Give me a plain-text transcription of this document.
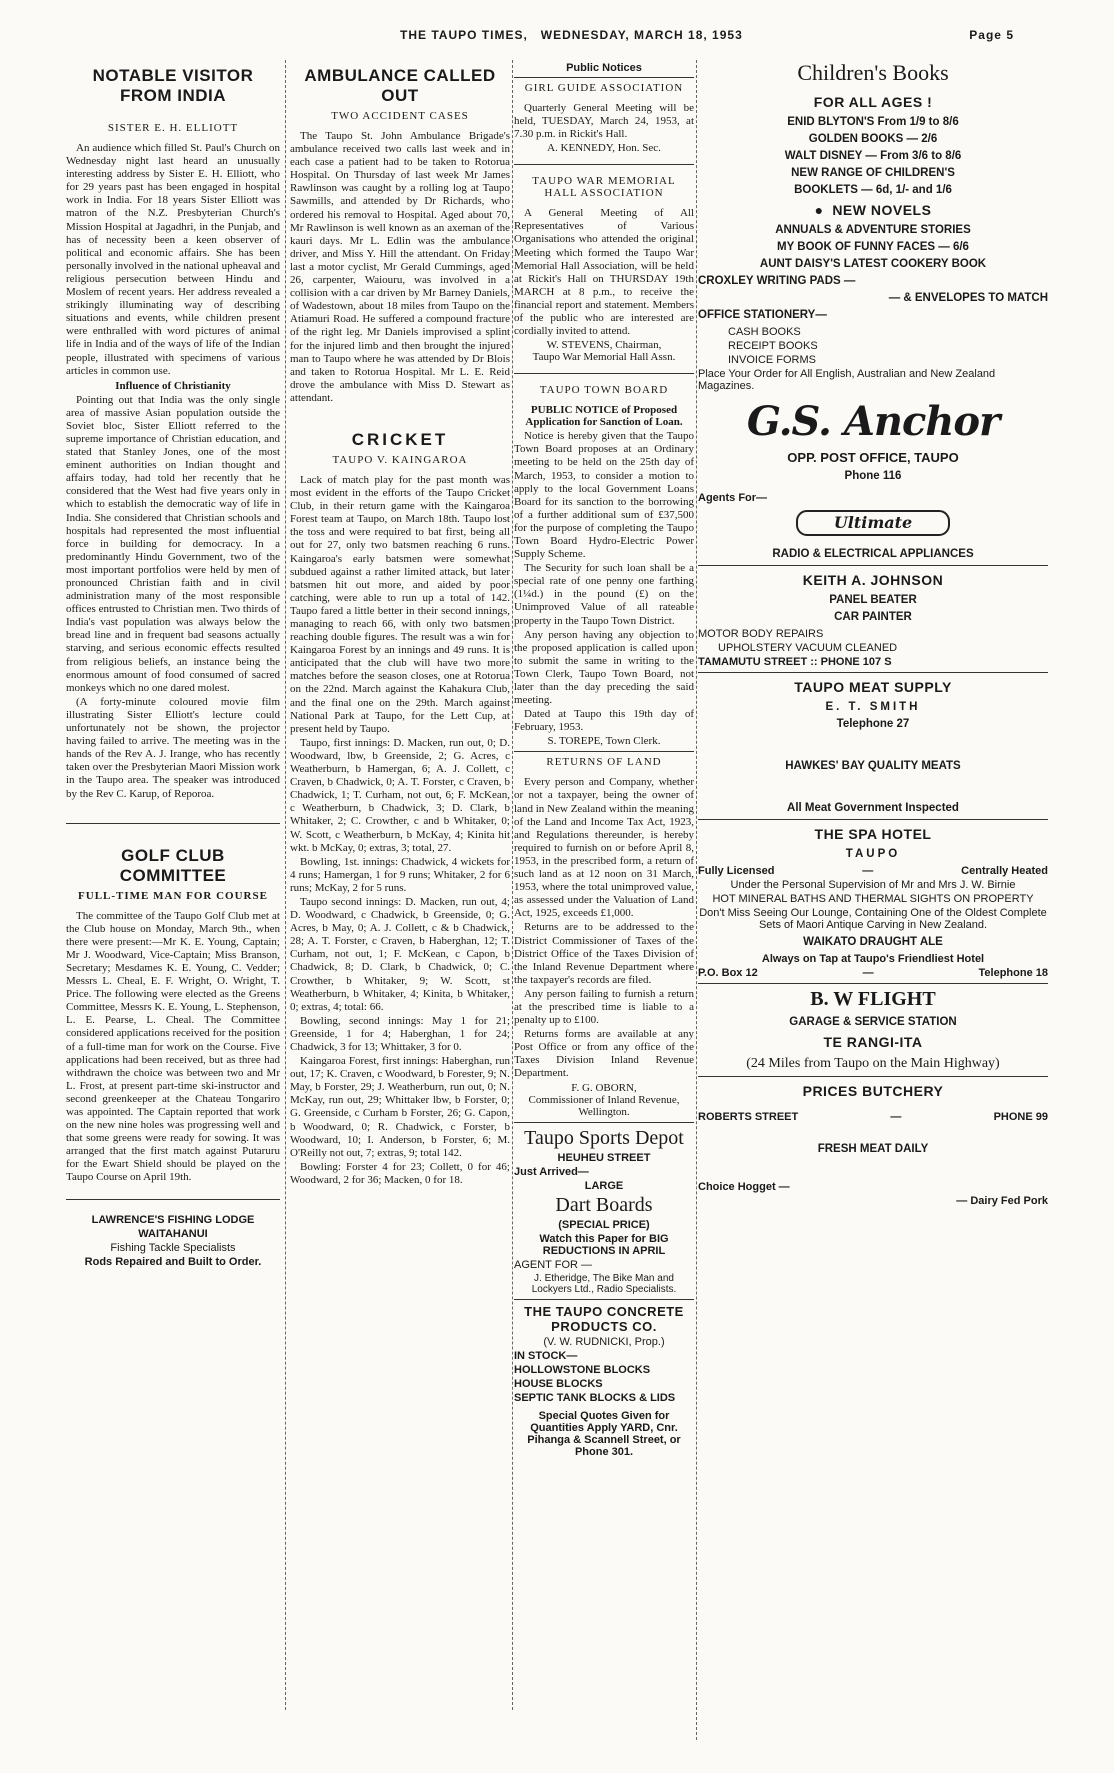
THE TAUPO TIMES, WEDNESDAY, MARCH 18, 1953	Page 5
NOTABLE VISITOR FROM INDIA
SISTER E. H. ELLIOTT

An audience which filled St. Paul's Church on Wednesday night last heard an unusually interesting address by Sister E. H. Elliott, who for 29 years past has been engaged in hospital work in India. For 18 years Sister Elliott was matron of the N.Z. Presbyterian Church's Mission Hospital at Jagadhri, in the Punjab, and has of necessity been a keen observer of political and economic affairs. She has been personally involved in the national upheaval and religious persecution between Hindu and Moslem of recent years. Her address revealed a strikingly illuminating way of describing situations and events, while children present were enthralled with word pictures of animal life in India and of the ways of life of the Indian people, illustrated with specimens of various articles in common use.

Influence of Christianity

Pointing out that India was the only single area of massive Asian population outside the Soviet bloc, Sister Elliott referred to the supreme importance of Christian education, and stated that Stanley Jones, one of the most eminent authorities on Indian thought and affairs today, had told her recently that he considered that the West had five years only in which to establish the democratic way of life in India. She considered that Christian schools and hospitals had represented the most influential force in building for democracy. In a predominantly Hindu Government, two of the most important portfolios were held by men of pronounced Christian faith and in civil administration many of the most responsible offices entrusted to Christian men. Two thirds of India's vast population was always below the bread line and in frequent bad seasons actually starving, and serious economic effects resulted from religious beliefs, an instance being the enormous amount of food consumed of sacred monkeys which no one dared molest.

(A forty-minute coloured movie film illustrating Sister Elliott's lecture could unfortunately not be shown, the projector having failed to arrive. The meeting was in the hands of the Rev A. J. Irange, who has recently taken over the Presbyterian Maori Mission work in the Taupo area. The speaker was introduced by the Rev C. Karup, of Reporoa.

GOLF CLUB COMMITTEE
FULL-TIME MAN FOR COURSE

The committee of the Taupo Golf Club met at the Club house on Monday, March 9th., when there were present:—Mr K. E. Young, Captain; Mr J. Woodward, Vice-Captain; Miss Branson, Secretary; Mesdames K. E. Young, C. Vedder; Messrs L. Cheal, E. F. Wright, O. Wright, T. Price. The following were elected as the Greens Committee, Messrs K. E. Young, L. Stephenson, L. E. Pearse, L. Cheal. The Committee considered applications received for the position of a full-time man for work on the Course. Five applications had been received, but as three had withdrawn the choice was between two and Mr L. Frost, at present part-time ski-instructor and second greenkeeper at the Chateau Tongariro was appointed. The Captain reported that work on the new nine holes was progressing well and that some greens were ready for sowing. It was arranged that the first match against Putaruru for the Ewart Shield should be played on the Taupo Course on April 19th.

LAWRENCE'S FISHING LODGE
WAITAHANUI
Fishing Tackle Specialists
Rods Repaired and Built to Order.
AMBULANCE CALLED OUT
TWO ACCIDENT CASES

The Taupo St. John Ambulance Brigade's ambulance received two calls last week and in each case a patient had to be taken to Rotorua Hospital. On Thursday of last week Mr James Rawlinson was caught by a rolling log at Taupo Sawmills, and attended by Dr Richards, who ordered his removal to Hospital. Aged about 70, Mr Rawlinson is well known as an axeman of the kauri days. Mr L. Edlin was the ambulance driver, and Miss Y. Hill the attendant. On Friday last a motor cyclist, Mr Gerald Cummings, aged 26, carpenter, Waiouru, was involved in a collision with a car driven by Mr Barney Daniels, of Wadestown, about 18 miles from Taupo on the Atiamuri Road. He suffered a compound fracture of the right leg. Mr Daniels improvised a splint for the injured limb and then brought the injured man to Taupo where he was attended by Dr Blois and taken to Rotorua Hospital. Mr L. E. Reid drove the ambulance with Miss D. Stewart as attendant.

CRICKET
TAUPO V. KAINGAROA

Lack of match play for the past month was most evident in the efforts of the Taupo Cricket Club, in their return game with the Kaingaroa Forest team at Taupo, on March 18th. Taupo lost the toss and were required to bat first, being all out for 27, only two batsmen reaching 6 runs. Kaingaroa's early batsmen were somewhat subdued against a rather limited attack, but later batsmen hit out more, and aided by poor catching, were able to run up a total of 142. Taupo fared a little better in their second innings, managing to reach 66, with only two batsmen reaching double figures. The result was a win for Kaingaroa Forest by an innings and 49 runs. It is anticipated that the club will have two more matches before the season closes, one at Rotorua on the 22nd. March against the Kahakura Club, and the final one on the 29th. March against National Park at Taupo, for the Lett Cup, at present held by Taupo.

Taupo, first innings: D. Macken, run out, 0; D. Woodward, lbw, b Greenside, 2; G. Acres, c Weatherburn, b Hamergan, 6; A. J. Collett, c Craven, b Chadwick, 0; A. T. Forster, c Craven, b Chadwick, 1; T. Curham, not out, 6; F. McKean, c Weatherburn, b Chadwick, 3; D. Clark, b Whitaker, 2; C. Crowther, c and b Whitaker, 0; W. Scott, c Weatherburn, b McKay, 4; Kinita hit wkt. b McKay, 0; extras, 3; total, 27.

Bowling, 1st. innings: Chadwick, 4 wickets for 4 runs; Hamergan, 1 for 9 runs; Whitaker, 2 for 6 runs; McKay, 2 for 5 runs.

Taupo second innings: D. Macken, run out, 4; D. Woodward, c Chadwick, b Greenside, 0; G. Acres, b May, 0; A. J. Collett, c & b Chadwick, 28; A. T. Forster, c Craven, b Haberghan, 12; T. Curham, not out, 1; F. McKean, c Capon, b Chadwick, 8; D. Clark, b Chadwick, 0; C. Crowther, b Whitaker, 9; W. Scott, st Weatherburn, b Whitaker, 4; Kinita, b Whitaker, 0; extras, 4; total: 66.

Bowling, second innings: May 1 for 21; Greenside, 1 for 4; Haberghan, 1 for 24; Chadwick, 3 for 13; Whittaker, 3 for 0.

Kaingaroa Forest, first innings: Haberghan, run out, 17; K. Craven, c Woodward, b Forester, 9; N. May, b Forster, 29; J. Weatherburn, run out, 0; N. McKay, run out, 29; Whittaker lbw, b Forster, 0; G. Greenside, c Curham b Forster, 26; G. Capon, b Woodward, 0; R. Chadwick, c Forster, b Woodward, 10; I. Anderson, b Forster, 6; M. O'Reilly not out, 7; extras, 9; total 142.

Bowling: Forster 4 for 23; Collett, 0 for 46; Woodward, 2 for 36; Macken, 0 for 18.

Public Notices
GIRL GUIDE ASSOCIATION

Quarterly General Meeting will be held, TUESDAY, March 24, 1953, at 7.30 p.m. in Rickit's Hall.

A. KENNEDY, Hon. Sec.
TAUPO WAR MEMORIAL HALL ASSOCIATION

A General Meeting of All Representatives of Various Organisations who attended the original Meeting which formed the Taupo War Memorial Hall Association, will be held at Rickit's Hall on THURSDAY 19th MARCH at 8 p.m., to receive the financial report and statement. Members of the public who are interested are cordially invited to attend.

W. STEVENS, Chairman,
Taupo War Memorial Hall Assn.
TAUPO TOWN BOARD
PUBLIC NOTICE of Proposed Application for Sanction of Loan.

Notice is hereby given that the Taupo Town Board proposes at an Ordinary meeting to be held on the 25th day of March, 1953, to consider a motion to apply to the local Government Loans Board for its sanction to the borrowing of a further additional sum of £37,500 for the purpose of completing the Taupo Town Board Hydro-Electric Power Supply Scheme.

The Security for such loan shall be a special rate of one penny one farthing (1¼d.) in the pound (£) on the Unimproved Value of all rateable property in the Taupo Town District.

Any person having any objection to the proposed application is called upon to submit the same in writing to the Town Clerk, Taupo Town Board, not later than the day preceding the said meeting.

Dated at Taupo this 19th day of February, 1953.

S. TOREPE, Town Clerk.
RETURNS OF LAND

Every person and Company, whether or not a taxpayer, being the owner of land in New Zealand within the meaning of the Land and Income Tax Act, 1923, and Regulations thereunder, is hereby required to furnish on or before April 8, 1953, in the prescribed form, a return of such land as at 12 noon on 31 March, 1953, where the total unimproved value, as assessed under the Valuation of Land Act, 1925, exceeds £1,000.

Returns are to be addressed to the District Commissioner of Taxes of the District Office of the Taxes Division of the Inland Revenue Department where the taxpayer's records are filed.

Any person failing to furnish a return at the prescribed time is liable to a penalty up to £100.

Returns forms are available at any Post Office or from any office of the Taxes Division Inland Revenue Department.

F. G. OBORN,
Commissioner of Inland Revenue,
Wellington.
Taupo Sports Depot
HEUHEU STREET
Just Arrived—
LARGE
Dart Boards
(SPECIAL PRICE)
Watch this Paper for BIG REDUCTIONS IN APRIL
AGENT FOR —
J. Etheridge, The Bike Man and Lockyers Ltd., Radio Specialists.
THE TAUPO CONCRETE PRODUCTS CO.
(V. W. RUDNICKI, Prop.)
IN STOCK—
HOLLOWSTONE BLOCKS
HOUSE BLOCKS
SEPTIC TANK BLOCKS & LIDS
Special Quotes Given for Quantities Apply YARD, Cnr. Pihanga & Scannell Street, or Phone 301.
Children's Books
FOR ALL AGES !
ENID BLYTON'S From 1/9 to 8/6
GOLDEN BOOKS — 2/6
WALT DISNEY — From 3/6 to 8/6
NEW RANGE OF CHILDREN'S
BOOKLETS — 6d, 1/- and 1/6
● NEW NOVELS
ANNUALS & ADVENTURE STORIES
MY BOOK OF FUNNY FACES — 6/6
AUNT DAISY'S LATEST COOKERY BOOK
CROXLEY WRITING PADS —
— & ENVELOPES TO MATCH
OFFICE STATIONERY—
CASH BOOKS
RECEIPT BOOKS
INVOICE FORMS
Place Your Order for All English, Australian and New Zealand Magazines.
G.S. Anchor
OPP. POST OFFICE, TAUPO
Phone 116
Agents For—
Ultimate
RADIO & ELECTRICAL APPLIANCES
KEITH A. JOHNSON
PANEL BEATER
CAR PAINTER
MOTOR BODY REPAIRS
UPHOLSTERY VACUUM CLEANED
TAMAMUTU STREET :: PHONE 107 S
TAUPO MEAT SUPPLY
E. T. SMITH
Telephone 27
HAWKES' BAY QUALITY MEATS
All Meat Government Inspected
THE SPA HOTEL
TAUPO
Fully Licensed	—	Centrally Heated
Under the Personal Supervision of Mr and Mrs J. W. Birnie
HOT MINERAL BATHS AND THERMAL SIGHTS ON PROPERTY
Don't Miss Seeing Our Lounge, Containing One of the Oldest Complete Sets of Maori Antique Carving in New Zealand.
WAIKATO DRAUGHT ALE
Always on Tap at Taupo's Friendliest Hotel
P.O. Box 12	—	Telephone 18
B. W FLIGHT
GARAGE & SERVICE STATION
TE RANGI-ITA
(24 Miles from Taupo on the Main Highway)
PRICES BUTCHERY
ROBERTS STREET	—	PHONE 99
FRESH MEAT DAILY
Choice Hogget —
— Dairy Fed Pork
